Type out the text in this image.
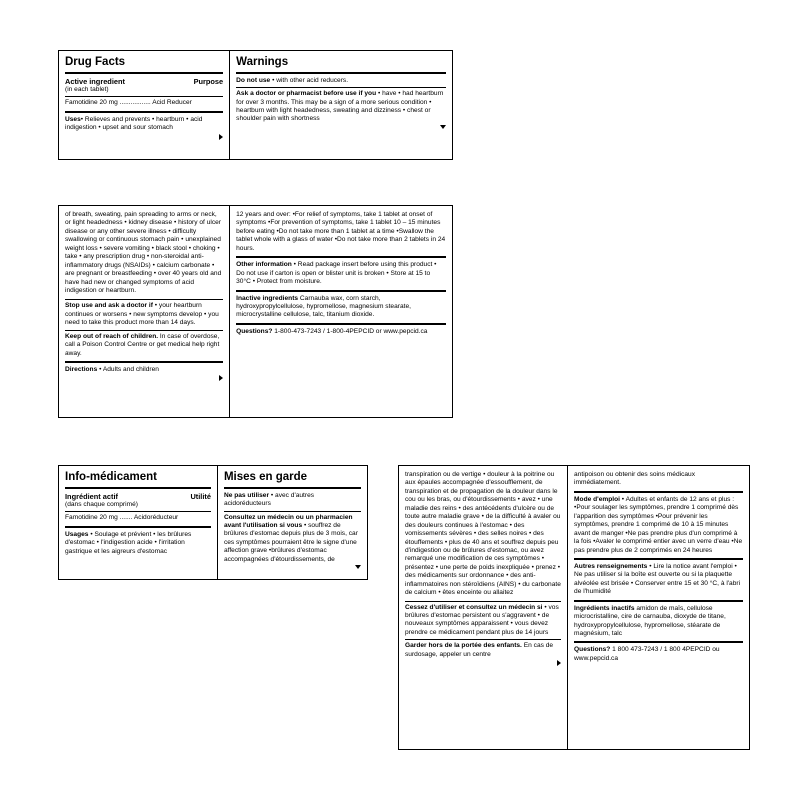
Drug Facts
Active ingredient	Purpose
(in each tablet)
Famotidine 20 mg ................. Acid Reducer
Uses• Relieves and prevents • heartburn • acid indigestion • upset and sour stomach
Warnings
Do not use • with other acid reducers.
Ask a doctor or pharmacist before use if you • have • had heartburn for over 3 months. This may be a sign of a more serious condition • heartburn with light headedness, sweating and dizziness • chest or shoulder pain with shortness
of breath, sweating, pain spreading to arms or neck, or light headedness • kidney disease • history of ulcer disease or any other severe illness • difficulty swallowing or continuous stomach pain • unexplained weight loss • severe vomiting • black stool • choking • take • any prescription drug • non-steroidal anti-inflammatory drugs (NSAIDs) • calcium carbonate • are pregnant or breastfeeding • over 40 years old and have had new or changed symptoms of acid indigestion or heartburn.
Stop use and ask a doctor if • your heartburn continues or worsens • new symptoms develop • you need to take this product more than 14 days.
Keep out of reach of children. In case of overdose, call a Poison Control Centre or get medical help right away.
Directions • Adults and children
12 years and over: •For relief of symptoms, take 1 tablet at onset of symptoms •For prevention of symptoms, take 1 tablet 10 – 15 minutes before eating •Do not take more than 1 tablet at a time •Swallow the tablet whole with a glass of water •Do not take more than 2 tablets in 24 hours.
Other information • Read package insert before using this product • Do not use if carton is open or blister unit is broken • Store at 15 to 30°C • Protect from moisture.
Inactive ingredients Carnauba wax, corn starch, hydroxypropylcellulose, hypromellose, magnesium stearate, microcrystalline cellulose, talc, titanium dioxide.
Questions? 1-800-473-7243 / 1-800-4PEPCID or www.pepcid.ca
Info-médicament
Ingrédient actif	Utilité
(dans chaque comprimé)
Famotidine 20 mg ....... Acidoréducteur
Usages • Soulage et prévient • les brûlures d'estomac • l'indigestion acide • l'irritation gastrique et les aigreurs d'estomac
Mises en garde
Ne pas utiliser • avec d'autres acidoréducteurs
Consultez un médecin ou un pharmacien avant l'utilisation si vous • souffrez de brûlures d'estomac depuis plus de 3 mois, car ces symptômes pourraient être le signe d'une affection grave •brûlures d'estomac accompagnées d'étourdissements, de
transpiration ou de vertige • douleur à la poitrine ou aux épaules accompagnée d'essoufflement, de transpiration et de propagation de la douleur dans le cou ou les bras, ou d'étourdissements • avez • une maladie des reins • des antécédents d'ulcère ou de toute autre maladie grave • de la difficulté à avaler ou des douleurs continues à l'estomac • des vomissements sévères • des selles noires • des étouffements • plus de 40 ans et souffrez depuis peu d'indigestion ou de brûlures d'estomac, ou avez remarqué une modification de ces symptômes • présentez • une perte de poids inexpliquée • prenez • des médicaments sur ordonnance • des anti-inflammatoires non stéroïdiens (AINS) • du carbonate de calcium • êtes enceinte ou allaitez
Cessez d'utiliser et consultez un médecin si • vos brûlures d'estomac persistent ou s'aggravent • de nouveaux symptômes apparaissent • vous devez prendre ce médicament pendant plus de 14 jours
Garder hors de la portée des enfants. En cas de surdosage, appeler un centre
antipoison ou obtenir des soins médicaux immédiatement.
Mode d'emploi • Adultes et enfants de 12 ans et plus : •Pour soulager les symptômes, prendre 1 comprimé dès l'apparition des symptômes •Pour prévenir les symptômes, prendre 1 comprimé de 10 à 15 minutes avant de manger •Ne pas prendre plus d'un comprimé à la fois •Avaler le comprimé entier avec un verre d'eau •Ne pas prendre plus de 2 comprimés en 24 heures
Autres renseignements • Lire la notice avant l'emploi • Ne pas utiliser si la boîte est ouverte ou si la plaquette alvéolée est brisée • Conserver entre 15 et 30 °C, à l'abri de l'humidité
Ingrédients inactifs amidon de maïs, cellulose microcristalline, cire de carnauba, dioxyde de titane, hydroxypropylcellulose, hypromellose, stéarate de magnésium, talc
Questions? 1 800 473-7243 / 1 800 4PEPCID ou www.pepcid.ca
